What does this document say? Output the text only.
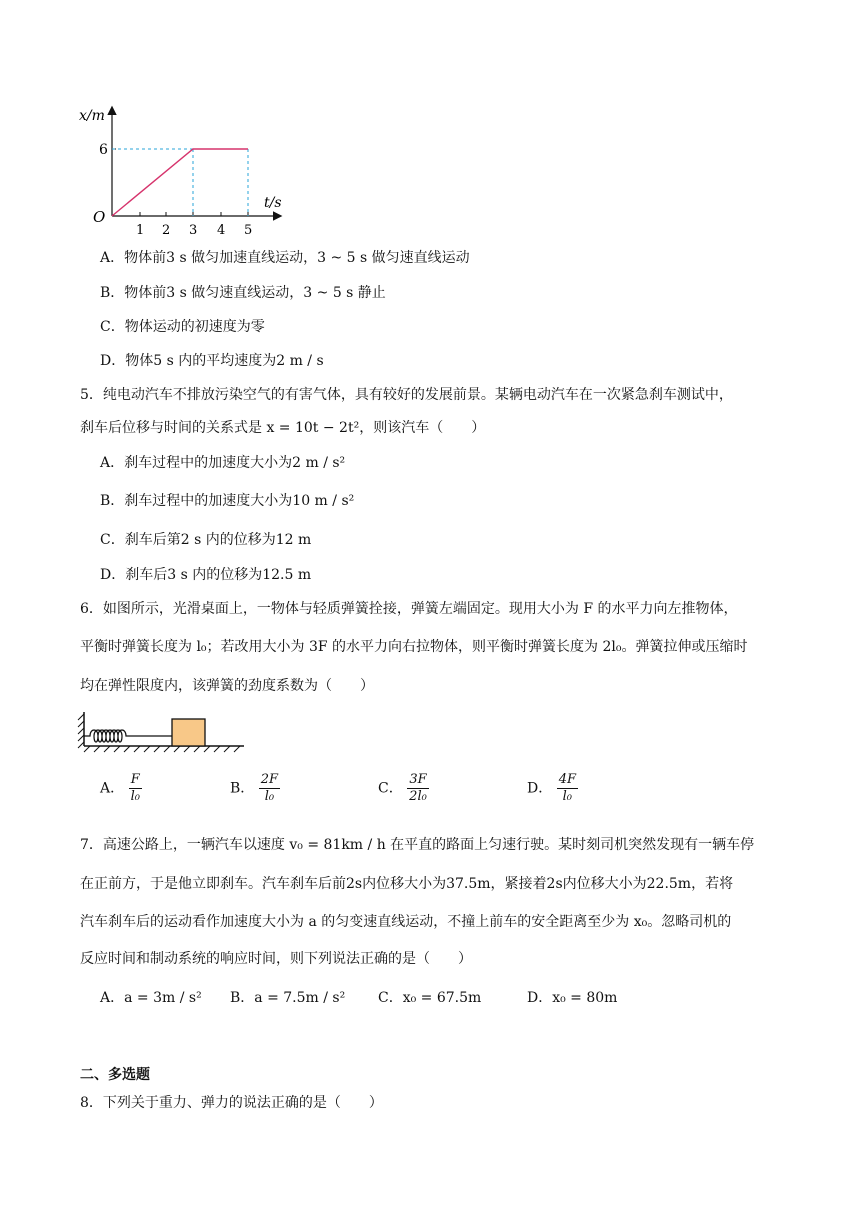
x/m
t/s
O
6
1 2 3 4 5
A．物体前3 s 做匀加速直线运动，3 ~ 5 s 做匀速直线运动
B．物体前3 s 做匀速直线运动，3 ~ 5 s 静止
C．物体运动的初速度为零
D．物体5 s 内的平均速度为2 m / s
5．纯电动汽车不排放污染空气的有害气体，具有较好的发展前景。某辆电动汽车在一次紧急刹车测试中，
刹车后位移与时间的关系式是 x = 10t − 2t²，则该汽车（　　）
A．刹车过程中的加速度大小为2 m / s²
B．刹车过程中的加速度大小为10 m / s²
C．刹车后第2 s 内的位移为12 m
D．刹车后3 s 内的位移为12.5 m
6．如图所示，光滑桌面上，一物体与轻质弹簧拴接，弹簧左端固定。现用大小为 F 的水平力向左推物体，
平衡时弹簧长度为 l₀；若改用大小为 3F 的水平力向右拉物体，则平衡时弹簧长度为 2l₀。弹簧拉伸或压缩时
均在弹性限度内，该弹簧的劲度系数为（　　）
A． $\frac{F}{\text{l₀}}$	B． $\frac{2F}{\text{l₀}}$	C． $\frac{3F}{\text{2l₀}}$	D． $\frac{4F}{\text{l₀}}$
7．高速公路上，一辆汽车以速度 v₀ = 81km / h 在平直的路面上匀速行驶。某时刻司机突然发现有一辆车停
在正前方，于是他立即刹车。汽车刹车后前2s内位移大小为37.5m，紧接着2s内位移大小为22.5m，若将
汽车刹车后的运动看作加速度大小为 a 的匀变速直线运动，不撞上前车的安全距离至少为 x₀。忽略司机的
反应时间和制动系统的响应时间，则下列说法正确的是（　　）
A．a = 3m / s² B．a = 7.5m / s² C．x₀ = 67.5m	D．x₀ = 80m
二、多选题
8．下列关于重力、弹力的说法正确的是（　　）
